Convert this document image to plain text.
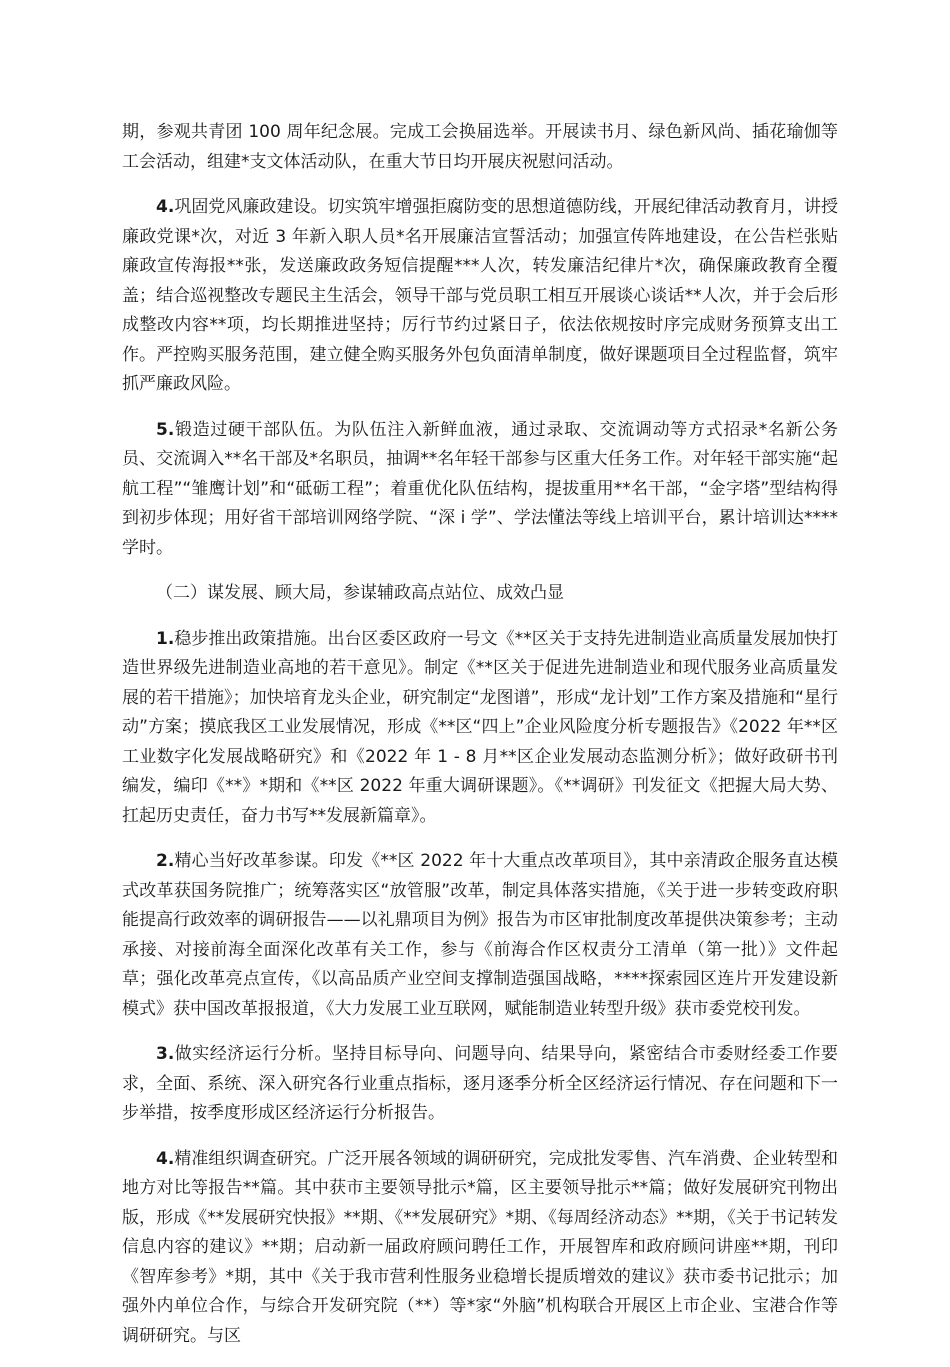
期，参观共青团 100 周年纪念展。完成工会换届选举。开展读书月、绿色新风尚、插花瑜伽等工会活动，组建*支文体活动队，在重大节日均开展庆祝慰问活动。

4.巩固党风廉政建设。切实筑牢增强拒腐防变的思想道德防线，开展纪律活动教育月，讲授廉政党课*次，对近 3 年新入职人员*名开展廉洁宣誓活动；加强宣传阵地建设，在公告栏张贴廉政宣传海报**张，发送廉政政务短信提醒***人次，转发廉洁纪律片*次，确保廉政教育全覆盖；结合巡视整改专题民主生活会，领导干部与党员职工相互开展谈心谈话**人次，并于会后形成整改内容**项，均长期推进坚持；厉行节约过紧日子，依法依规按时序完成财务预算支出工作。严控购买服务范围，建立健全购买服务外包负面清单制度，做好课题项目全过程监督，筑牢抓严廉政风险。

5.锻造过硬干部队伍。为队伍注入新鲜血液，通过录取、交流调动等方式招录*名新公务员、交流调入**名干部及*名职员，抽调**名年轻干部参与区重大任务工作。对年轻干部实施“起航工程”“雏鹰计划”和“砥砺工程”；着重优化队伍结构，提拔重用**名干部，“金字塔”型结构得到初步体现；用好省干部培训网络学院、“深 i 学”、学法懂法等线上培训平台，累计培训达****学时。

（二）谋发展、顾大局，参谋辅政高点站位、成效凸显

1.稳步推出政策措施。出台区委区政府一号文《**区关于支持先进制造业高质量发展加快打造世界级先进制造业高地的若干意见》。制定《**区关于促进先进制造业和现代服务业高质量发展的若干措施》；加快培育龙头企业，研究制定“龙图谱”，形成“龙计划”工作方案及措施和“星行动”方案；摸底我区工业发展情况，形成《**区“四上”企业风险度分析专题报告》《2022 年**区工业数字化发展战略研究》和《2022 年 1 - 8 月**区企业发展动态监测分析》；做好政研书刊编发，编印《**》*期和《**区 2022 年重大调研课题》。《**调研》刊发征文《把握大局大势、扛起历史责任，奋力书写**发展新篇章》。

2.精心当好改革参谋。印发《**区 2022 年十大重点改革项目》，其中亲清政企服务直达模式改革获国务院推广；统筹落实区“放管服”改革，制定具体落实措施，《关于进一步转变政府职能提高行政效率的调研报告——以礼鼎项目为例》报告为市区审批制度改革提供决策参考；主动承接、对接前海全面深化改革有关工作，参与《前海合作区权责分工清单（第一批）》文件起草；强化改革亮点宣传，《以高品质产业空间支撑制造强国战略，****探索园区连片开发建设新模式》获中国改革报报道，《大力发展工业互联网，赋能制造业转型升级》获市委党校刊发。

3.做实经济运行分析。坚持目标导向、问题导向、结果导向，紧密结合市委财经委工作要求，全面、系统、深入研究各行业重点指标，逐月逐季分析全区经济运行情况、存在问题和下一步举措，按季度形成区经济运行分析报告。

4.精准组织调查研究。广泛开展各领域的调研研究，完成批发零售、汽车消费、企业转型和地方对比等报告**篇。其中获市主要领导批示*篇，区主要领导批示**篇；做好发展研究刊物出版，形成《**发展研究快报》**期、《**发展研究》*期、《每周经济动态》**期，《关于书记转发信息内容的建议》**期；启动新一届政府顾问聘任工作，开展智库和政府顾问讲座**期，刊印《智库参考》*期，其中《关于我市营利性服务业稳增长提质增效的建议》获市委书记批示；加强外内单位合作，与综合开发研究院（**）等*家“外脑”机构联合开展区上市企业、宝港合作等调研研究。与区
